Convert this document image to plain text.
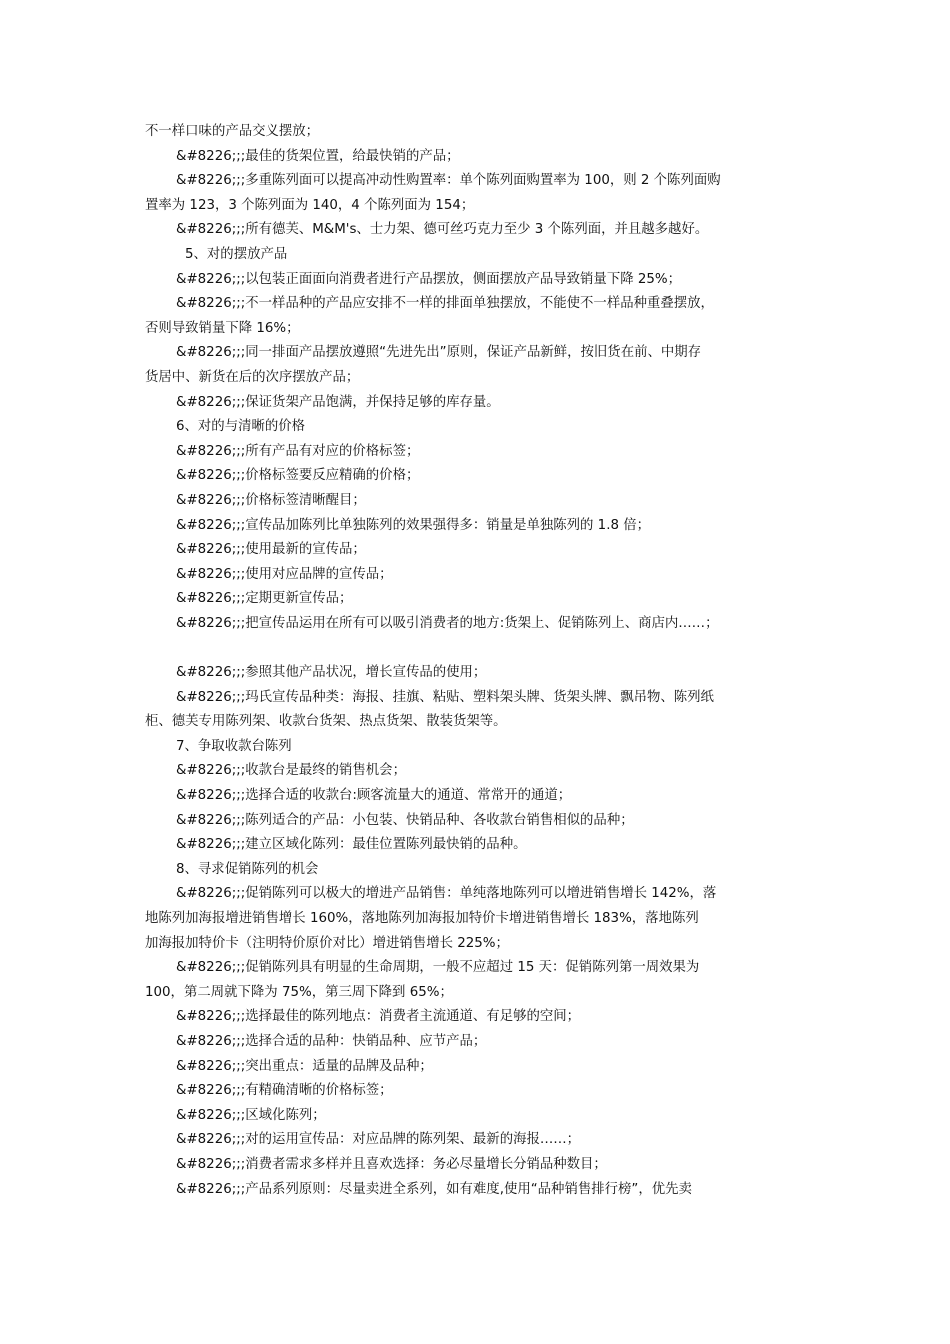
不一样口味的产品交义摆放；
&#8226;;;最佳的货架位置，给最快销的产品；
&#8226;;;多重陈列面可以提高冲动性购置率：单个陈列面购置率为 100，则 2 个陈列面购
置率为 123，3 个陈列面为 140，4 个陈列面为 154；
&#8226;;;所有德芙、M&M's、士力架、德可丝巧克力至少 3 个陈列面，并且越多越好。
5、对的摆放产品
&#8226;;;以包装正面面向消费者进行产品摆放，侧面摆放产品导致销量下降 25%；
&#8226;;;不一样品种的产品应安排不一样的排面单独摆放，不能使不一样品种重叠摆放，
否则导致销量下降 16%；
&#8226;;;同一排面产品摆放遵照“先进先出”原则，保证产品新鲜，按旧货在前、中期存
货居中、新货在后的次序摆放产品；
&#8226;;;保证货架产品饱满，并保持足够的库存量。
6、对的与清晰的价格
&#8226;;;所有产品有对应的价格标签；
&#8226;;;价格标签要反应精确的价格；
&#8226;;;价格标签清晰醒目；
&#8226;;;宣传品加陈列比单独陈列的效果强得多：销量是单独陈列的 1.8 倍；
&#8226;;;使用最新的宣传品；
&#8226;;;使用对应品牌的宣传品；
&#8226;;;定期更新宣传品；
&#8226;;;把宣传品运用在所有可以吸引消费者的地方:货架上、促销陈列上、商店内……；
&#8226;;;参照其他产品状况，增长宣传品的使用；
&#8226;;;玛氏宣传品种类：海报、挂旗、粘贴、塑料架头牌、货架头牌、飘吊物、陈列纸
柜、德芙专用陈列架、收款台货架、热点货架、散装货架等。
7、争取收款台陈列
&#8226;;;收款台是最终的销售机会；
&#8226;;;选择合适的收款台:顾客流量大的通道、常常开的通道；
&#8226;;;陈列适合的产品：小包装、快销品种、各收款台销售相似的品种；
&#8226;;;建立区域化陈列：最佳位置陈列最快销的品种。
8、寻求促销陈列的机会
&#8226;;;促销陈列可以极大的增进产品销售：单纯落地陈列可以增进销售增长 142%，落
地陈列加海报增进销售增长 160%，落地陈列加海报加特价卡增进销售增长 183%，落地陈列
加海报加特价卡（注明特价原价对比）增进销售增长 225%；
&#8226;;;促销陈列具有明显的生命周期，一般不应超过 15 天：促销陈列第一周效果为
100，第二周就下降为 75%，第三周下降到 65%；
&#8226;;;选择最佳的陈列地点：消费者主流通道、有足够的空间；
&#8226;;;选择合适的品种：快销品种、应节产品；
&#8226;;;突出重点：适量的品牌及品种；
&#8226;;;有精确清晰的价格标签；
&#8226;;;区域化陈列；
&#8226;;;对的运用宣传品：对应品牌的陈列架、最新的海报……；
&#8226;;;消费者需求多样并且喜欢选择：务必尽量增长分销品种数目；
&#8226;;;产品系列原则：尽量卖进全系列，如有难度,使用“品种销售排行榜”，优先卖
